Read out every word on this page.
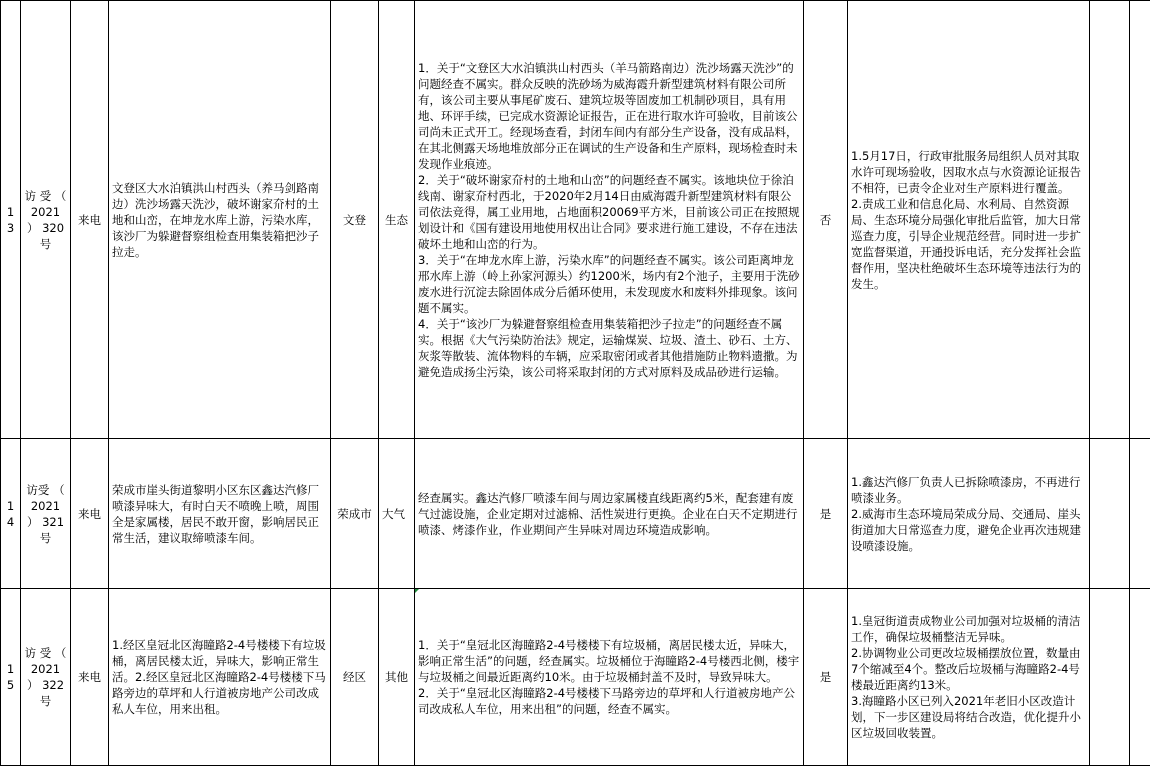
13	访 受 （ 2021 ） 320 号	来电	文登区大水泊镇洪山村西头（养马剑路南边）洗沙场露天洗沙，破坏谢家夼村的土地和山峦，在坤龙水库上游，污染水库，该沙厂为躲避督察组检查用集装箱把沙子拉走。	文登	生态	1．关于“文登区大水泊镇洪山村西头（羊马箭路南边）洗沙场露天洗沙”的问题经查不属实。群众反映的洗砂场为威海霞升新型建筑材料有限公司所有，该公司主要从事尾矿废石、建筑垃圾等固废加工机制砂项目，具有用地、环评手续，已完成水资源论证报告，正在进行取水许可验收，目前该公司尚未正式开工。经现场查看，封闭车间内有部分生产设备，没有成品料，在其北侧露天场地堆放部分正在调试的生产设备和生产原料，现场检查时未发现作业痕迹。
2．关于“破坏谢家夼村的土地和山峦”的问题经查不属实。该地块位于徐泊线南、谢家夼村西北，于2020年2月14日由威海霞升新型建筑材料有限公司依法竞得，属工业用地，占地面积20069平方米，目前该公司正在按照规划设计和《国有建设用地使用权出让合同》要求进行施工建设，不存在违法破坏土地和山峦的行为。
3．关于“在坤龙水库上游，污染水库”的问题经查不属实。该公司距离坤龙邢水库上游（岭上孙家河源头）约1200米，场内有2个池子，主要用于洗砂废水进行沉淀去除固体成分后循环使用，未发现废水和废料外排现象。该问题不属实。
4．关于“该沙厂为躲避督察组检查用集装箱把沙子拉走”的问题经查不属实。根据《大气污染防治法》规定，运输煤炭、垃圾、渣土、砂石、土方、灰浆等散装、流体物料的车辆，应采取密闭或者其他措施防止物料遗撒。为避免造成扬尘污染，该公司将采取封闭的方式对原料及成品砂进行运输。	否	1.5月17日，行政审批服务局组织人员对其取水许可现场验收，因取水点与水资源论证报告不相符，已责令企业对生产原料进行覆盖。
2.责成工业和信息化局、水利局、自然资源局、生态环境分局强化审批后监管，加大日常巡查力度，引导企业规范经营。同时进一步扩宽监督渠道，开通投诉电话，充分发挥社会监督作用，坚决杜绝破坏生态环境等违法行为的发生。		

14	访受 （ 2021 ） 321 号	来电	荣成市崖头街道黎明小区东区鑫达汽修厂喷漆异味大，有时白天不喷晚上喷，周围全是家属楼，居民不敢开窗，影响居民正常生活，建议取缔喷漆车间。	荣成市	大气	经查属实。鑫达汽修厂喷漆车间与周边家属楼直线距离约5米，配套建有废气过滤设施，企业定期对过滤棉、活性炭进行更换。企业在白天不定期进行喷漆、烤漆作业，作业期间产生异味对周边环境造成影响。	是	1.鑫达汽修厂负责人已拆除喷漆房，不再进行喷漆业务。
2.威海市生态环境局荣成分局、交通局、崖头街道加大日常巡查力度，避免企业再次违规建设喷漆设施。		

15	访 受 （ 2021 ） 322 号	来电	1.经区皇冠北区海瞳路2-4号楼楼下有垃圾桶，离居民楼太近，异味大，影响正常生活。2.经区皇冠北区海瞳路2-4号楼楼下马路旁边的草坪和人行道被房地产公司改成私人车位，用来出租。	经区	其他	1．关于“皇冠北区海瞳路2-4号楼楼下有垃圾桶，离居民楼太近，异味大，影响正常生活”的问题，经查属实。垃圾桶位于海瞳路2-4号楼西北侧，楼宇与垃圾桶之间最近距离约10米。由于垃圾桶封盖不及时，导致异味大。
2．关于“皇冠北区海瞳路2-4号楼楼下马路旁边的草坪和人行道被房地产公司改成私人车位，用来出租”的问题，经查不属实。	是	1.皇冠街道责成物业公司加强对垃圾桶的清洁工作，确保垃圾桶整洁无异味。
2.协调物业公司更改垃圾桶摆放位置，数量由7个缩减至4个。整改后垃圾桶与海瞳路2-4号楼最近距离约13米。
3.海瞳路小区已列入2021年老旧小区改造计划，下一步区建设局将结合改造，优化提升小区垃圾回收装置。		
